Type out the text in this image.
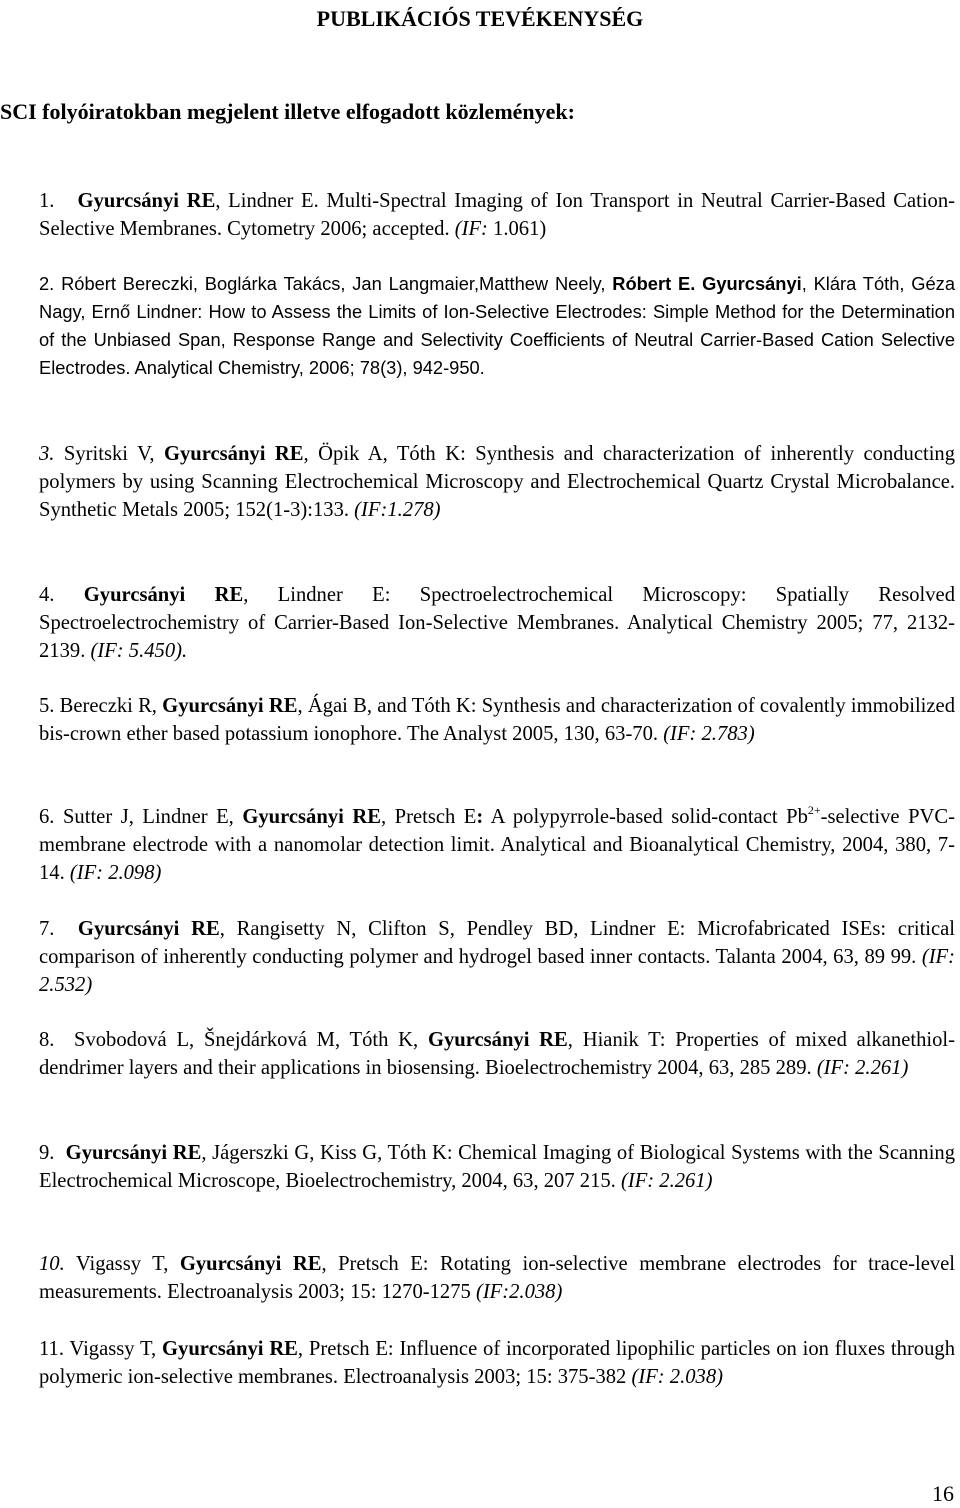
PUBLIKÁCIÓS TEVÉKENYSÉG
SCI folyóiratokban megjelent illetve elfogadott közlemények:

1. Gyurcsányi RE, Lindner E. Multi-Spectral Imaging of Ion Transport in Neutral Carrier-Based Cation-Selective Membranes. Cytometry 2006; accepted. (IF: 1.061)

2. Róbert Bereczki, Boglárka Takács, Jan Langmaier,Matthew Neely, Róbert E. Gyurcsányi, Klára Tóth, Géza Nagy, Ernő Lindner: How to Assess the Limits of Ion-Selective Electrodes: Simple Method for the Determination of the Unbiased Span, Response Range and Selectivity Coefficients of Neutral Carrier-Based Cation Selective Electrodes. Analytical Chemistry, 2006; 78(3), 942-950.

3. Syritski V, Gyurcsányi RE, Öpik A, Tóth K: Synthesis and characterization of inherently conducting polymers by using Scanning Electrochemical Microscopy and Electrochemical Quartz Crystal Microbalance. Synthetic Metals 2005; 152(1-3):133. (IF:1.278)

4. Gyurcsányi RE, Lindner E: Spectroelectrochemical Microscopy: Spatially Resolved Spectroelectrochemistry of Carrier-Based Ion-Selective Membranes. Analytical Chemistry 2005; 77, 2132-2139. (IF: 5.450).

5. Bereczki R, Gyurcsányi RE, Ágai B, and Tóth K: Synthesis and characterization of covalently immobilized bis-crown ether based potassium ionophore. The Analyst 2005, 130, 63-70. (IF: 2.783)

6. Sutter J, Lindner E, Gyurcsányi RE, Pretsch E: A polypyrrole-based solid-contact $Pb^{2+}$-selective PVC-membrane electrode with a nanomolar detection limit. Analytical and Bioanalytical Chemistry, 2004, 380, 7-14. (IF: 2.098)

7. Gyurcsányi RE, Rangisetty N, Clifton S, Pendley BD, Lindner E: Microfabricated ISEs: critical comparison of inherently conducting polymer and hydrogel based inner contacts. Talanta 2004, 63, 89 99. (IF: 2.532)

8.  Svobodová L, Šnejdárková M, Tóth K, Gyurcsányi RE, Hianik T: Properties of mixed alkanethiol-dendrimer layers and their applications in biosensing. Bioelectrochemistry 2004, 63, 285 289. (IF: 2.261)

9. Gyurcsányi RE, Jágerszki G, Kiss G, Tóth K: Chemical Imaging of Biological Systems with the Scanning Electrochemical Microscope, Bioelectrochemistry, 2004, 63, 207 215. (IF: 2.261)

10. Vigassy T, Gyurcsányi RE, Pretsch E: Rotating ion-selective membrane electrodes for trace-level measurements. Electroanalysis 2003; 15: 1270-1275 (IF:2.038)

11. Vigassy T, Gyurcsányi RE, Pretsch E: Influence of incorporated lipophilic particles on ion fluxes through polymeric ion-selective membranes. Electroanalysis 2003; 15: 375-382 (IF: 2.038)

16
